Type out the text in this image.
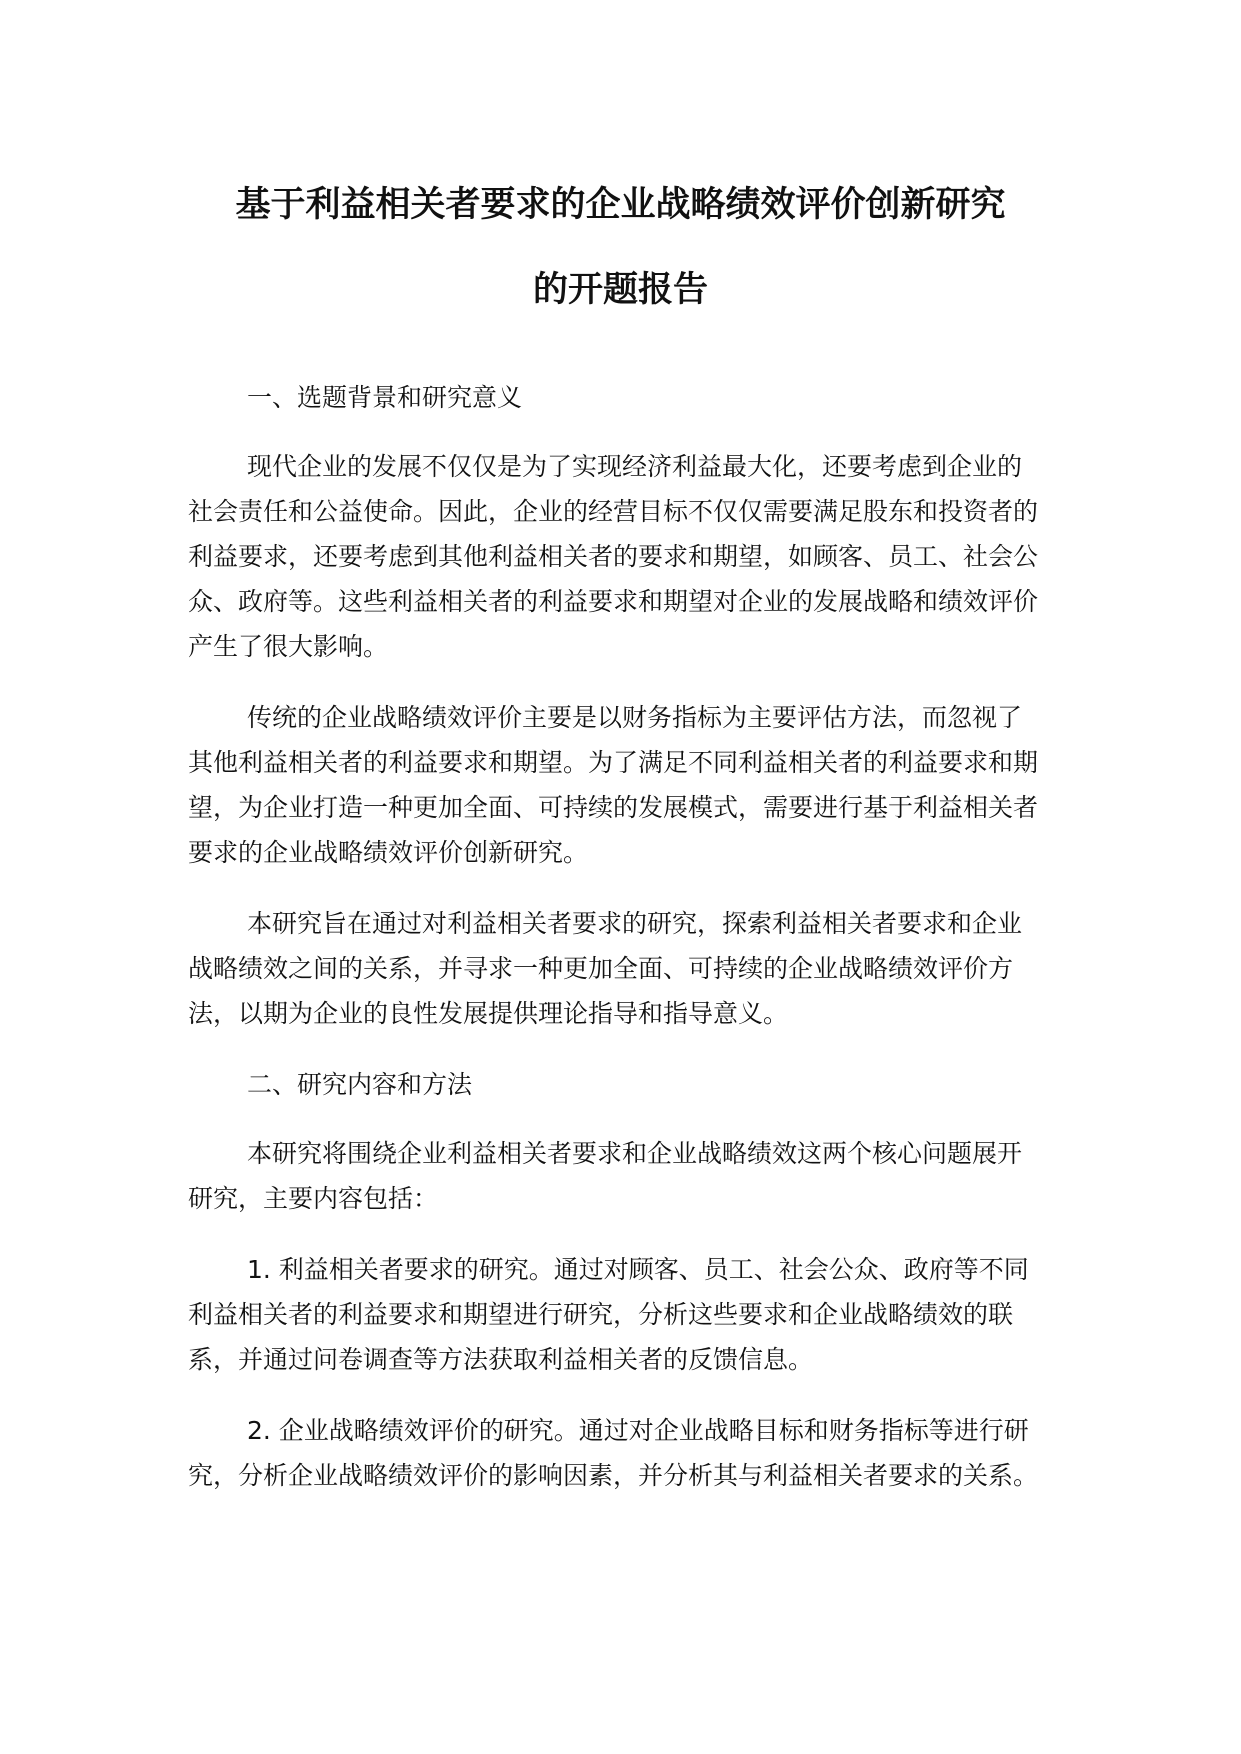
基于利益相关者要求的企业战略绩效评价创新研究
的开题报告

一、选题背景和研究意义

现代企业的发展不仅仅是为了实现经济利益最大化，还要考虑到企业的社会责任和公益使命。因此，企业的经营目标不仅仅需要满足股东和投资者的利益要求，还要考虑到其他利益相关者的要求和期望，如顾客、员工、社会公众、政府等。这些利益相关者的利益要求和期望对企业的发展战略和绩效评价产生了很大影响。

传统的企业战略绩效评价主要是以财务指标为主要评估方法，而忽视了其他利益相关者的利益要求和期望。为了满足不同利益相关者的利益要求和期望，为企业打造一种更加全面、可持续的发展模式，需要进行基于利益相关者要求的企业战略绩效评价创新研究。

本研究旨在通过对利益相关者要求的研究，探索利益相关者要求和企业战略绩效之间的关系，并寻求一种更加全面、可持续的企业战略绩效评价方法，以期为企业的良性发展提供理论指导和指导意义。

二、研究内容和方法

本研究将围绕企业利益相关者要求和企业战略绩效这两个核心问题展开研究，主要内容包括：

1. 利益相关者要求的研究。通过对顾客、员工、社会公众、政府等不同利益相关者的利益要求和期望进行研究，分析这些要求和企业战略绩效的联系，并通过问卷调查等方法获取利益相关者的反馈信息。

2. 企业战略绩效评价的研究。通过对企业战略目标和财务指标等进行研究，分析企业战略绩效评价的影响因素，并分析其与利益相关者要求的关系。
